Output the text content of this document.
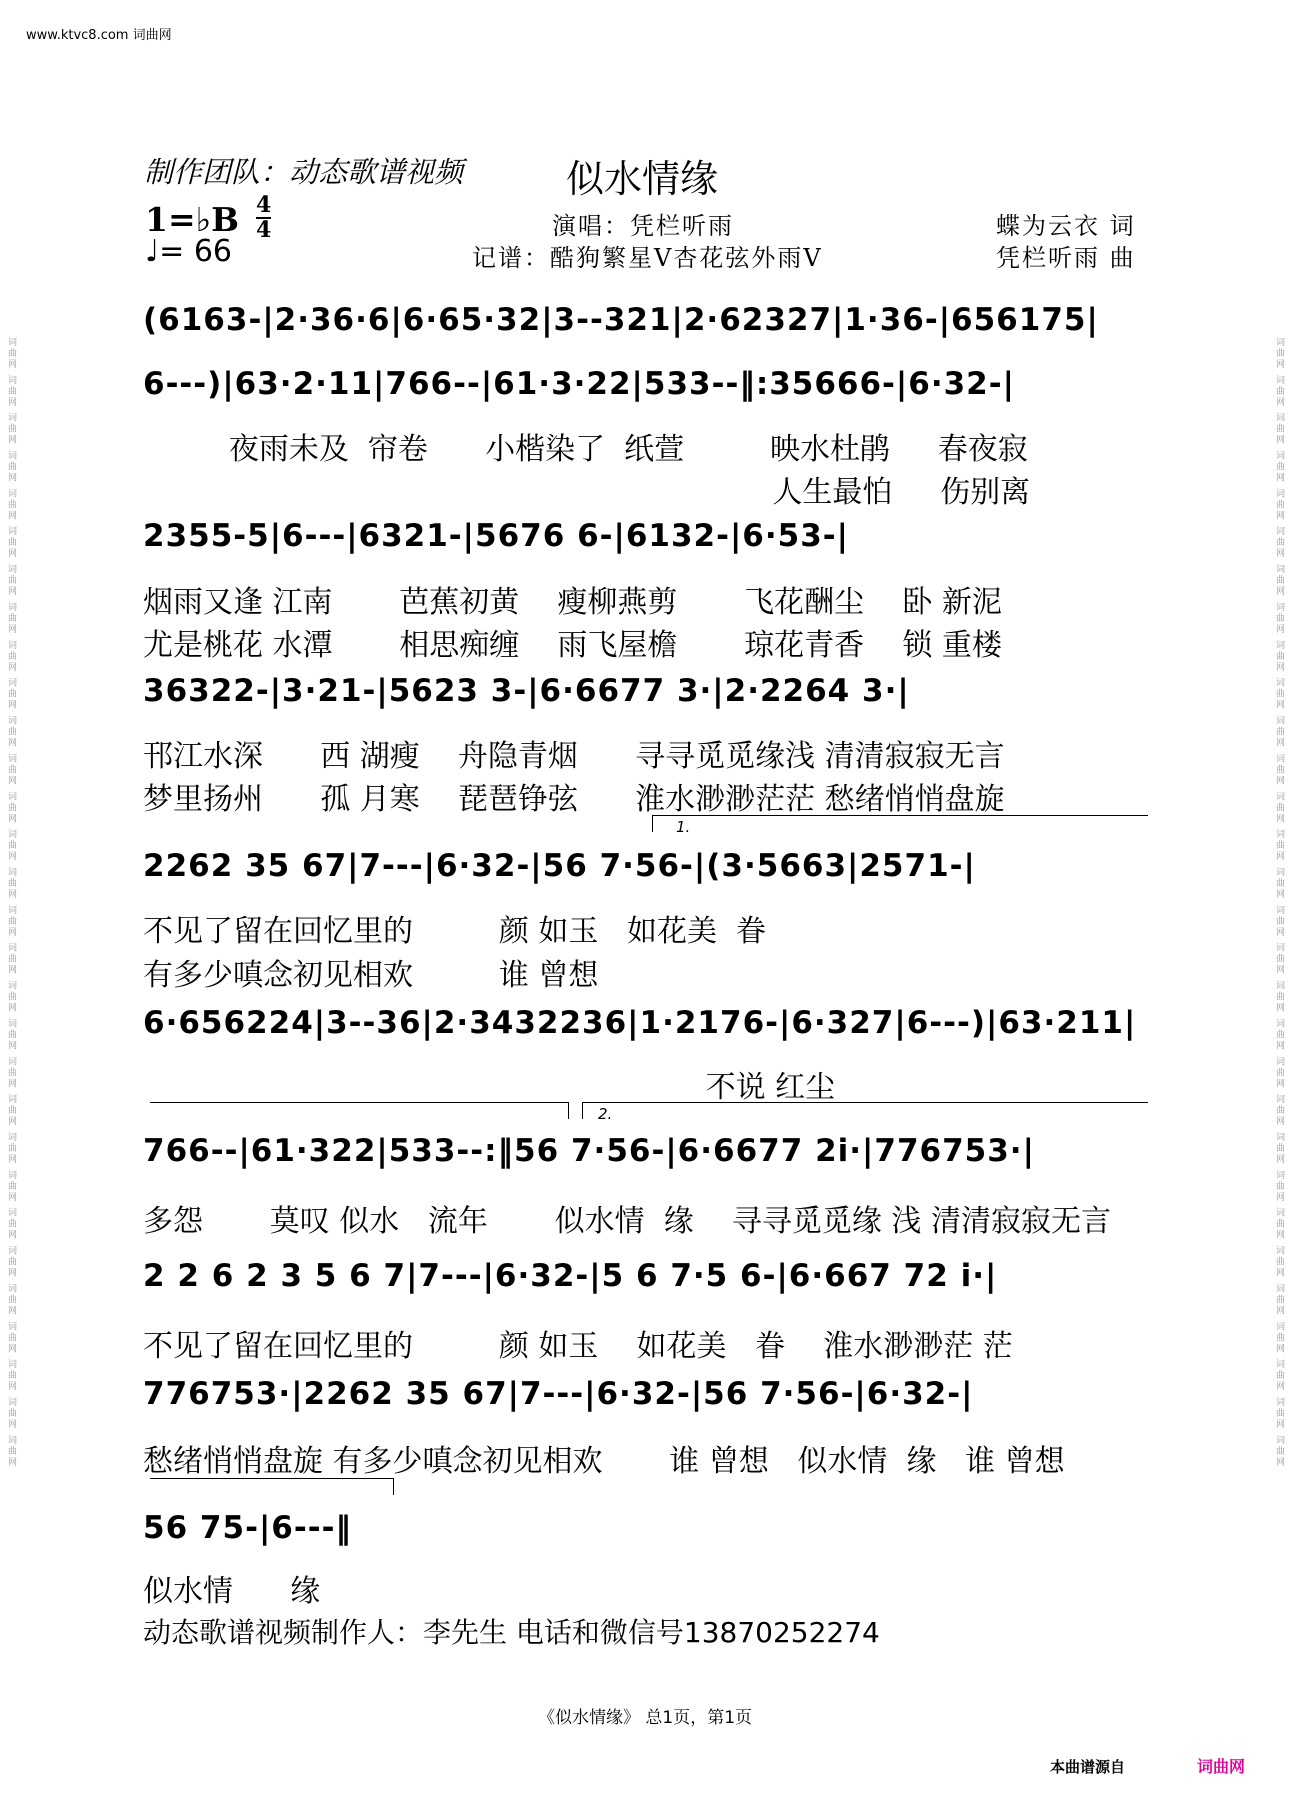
词曲网 词曲网 词曲网 词曲网 词曲网 词曲网 词曲网 词曲网 词曲网 词曲网 词曲网 词曲网 词曲网 词曲网 词曲网 词曲网 词曲网 词曲网 词曲网 词曲网 词曲网 词曲网 词曲网 词曲网 词曲网 词曲网 词曲网 词曲网 词曲网 词曲网	词曲网 词曲网 词曲网 词曲网 词曲网 词曲网 词曲网 词曲网 词曲网 词曲网 词曲网 词曲网 词曲网 词曲网 词曲网 词曲网 词曲网 词曲网 词曲网 词曲网 词曲网 词曲网 词曲网 词曲网 词曲网 词曲网 词曲网 词曲网 词曲网 词曲网
www.ktvc8.com 词曲网
制作团队：动态歌谱视频	似水情缘
1=♭B 4
4
♩= 66
演唱：凭栏听雨
记谱：酷狗繁星V杏花弦外雨V
蝶为云衣 词
凭栏听雨 曲
(6163-|2·36·6|6·65·32|3--321|2·62327|1·36-|656175|
6---)|63·2·11|766--|61·3·22|533--‖:35666-|6·32-|
夜雨未及  帘卷      小楷染了  纸萱         映水杜鹃     春夜寂
人生最怕     伤别离
2355-5|6---|6321-|5676 6-|6132-|6·53-|
烟雨又逢 江南       芭蕉初黄    瘦柳燕剪       飞花酬尘    卧 新泥
尤是桃花 水潭       相思痴缠    雨飞屋檐       琼花青香    锁 重楼
36322-|3·21-|5623 3-|6·6677 3·|2·2264 3·|
邗江水深      西 湖瘦    舟隐青烟      寻寻觅觅缘浅 清清寂寂无言
梦里扬州      孤 月寒    琵琶铮弦      淮水渺渺茫茫 愁绪悄悄盘旋
1.
2262 35 67|7---|6·32-|56 7·56-|(3·5663|2571-|
不见了留在回忆里的         颜 如玉   如花美  眷
有多少嗔念初见相欢         谁 曾想
6·656224|3--36|2·3432236|1·2176-|6·327|6---)|63·211|
不说 红尘
2.
766--|61·322|533--:‖56 7·56-|6·6677 2i·|776753·|
多怨       莫叹 似水   流年       似水情  缘    寻寻觅觅缘 浅 清清寂寂无言
2 2 6 2 3 5 6 7|7---|6·32-|5 6 7·5 6-|6·667 72 i·|
不见了留在回忆里的         颜 如玉    如花美   眷    淮水渺渺茫 茫
776753·|2262 35 67|7---|6·32-|56 7·56-|6·32-|
愁绪悄悄盘旋 有多少嗔念初见相欢       谁 曾想   似水情  缘   谁 曾想
56 75-|6---‖
似水情      缘
动态歌谱视频制作人：李先生 电话和微信号13870252274
《似水情缘》 总1页，第1页
本曲谱源自	词曲网
